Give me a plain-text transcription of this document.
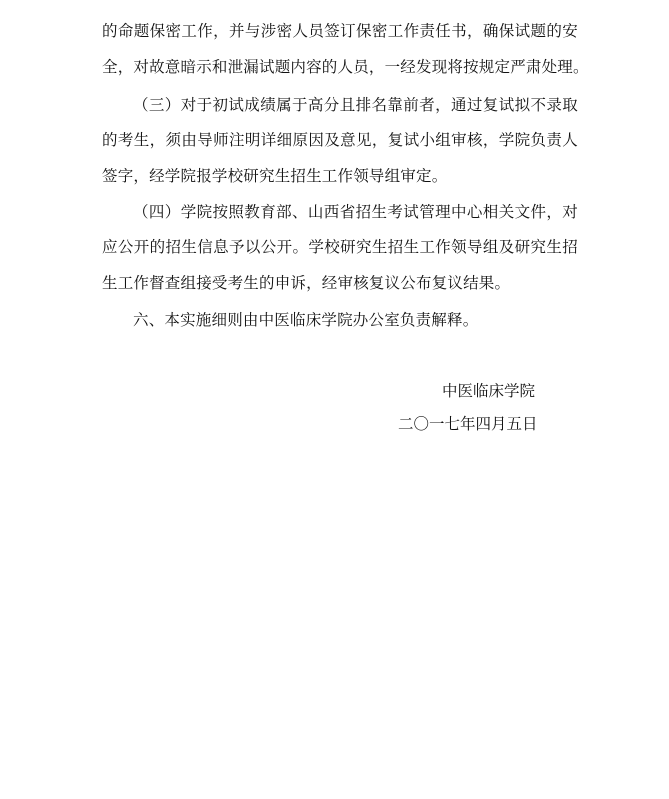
的命题保密工作，并与涉密人员签订保密工作责任书，确保试题的安
全，对故意暗示和泄漏试题内容的人员，一经发现将按规定严肃处理。
（三）对于初试成绩属于高分且排名靠前者，通过复试拟不录取
的考生，须由导师注明详细原因及意见，复试小组审核，学院负责人
签字，经学院报学校研究生招生工作领导组审定。
（四）学院按照教育部、山西省招生考试管理中心相关文件，对
应公开的招生信息予以公开。学校研究生招生工作领导组及研究生招
生工作督查组接受考生的申诉，经审核复议公布复议结果。
六、本实施细则由中医临床学院办公室负责解释。
中医临床学院
二〇一七年四月五日
